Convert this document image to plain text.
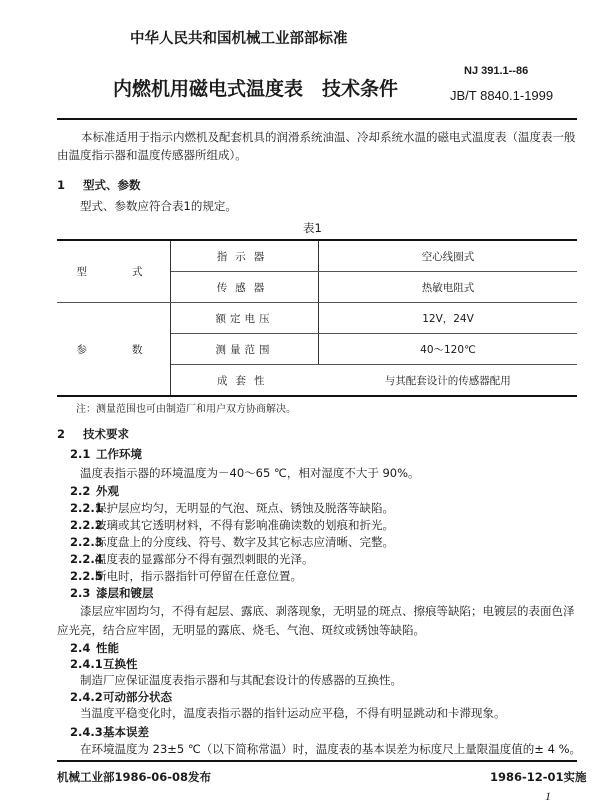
中华人民共和国机械工业部部标准
内燃机用磁电式温度表　技术条件
NJ 391.1--86
JB/T 8840.1-1999
本标准适用于指示内燃机及配套机具的润滑系统油温、冷却系统水温的磁电式温度表（温度表一般由温度指示器和温度传感器所组成）。
1 型式、参数
型式、参数应符合表1的规定。
表1
型　　式	指示器	空心线圈式
	传感器	热敏电阻式
参　　数	额定电压	12V，24V
	测量范围	40～120℃
	成套性	与其配套设计的传感器配用
注：测量范围也可由制造厂和用户双方协商解决。
2 技术要求
2.1 工作环境
温度表指示器的环境温度为－40～65 ℃，相对湿度不大于 90%。
2.2 外观
2.2.1保护层应均匀，无明显的气泡、斑点、锈蚀及脱落等缺陷。
2.2.2玻璃或其它透明材料，不得有影响准确读数的划痕和折光。
2.2.3标度盘上的分度线、符号、数字及其它标志应清晰、完整。
2.2.4温度表的显露部分不得有强烈刺眼的光泽。
2.2.5断电时，指示器指针可停留在任意位置。
2.3 漆层和镀层
漆层应牢固均匀，不得有起层、露底、剥落现象，无明显的斑点、擦痕等缺陷；电镀层的表面色泽
应光亮，结合应牢固，无明显的露底、烧毛、气泡、斑纹或锈蚀等缺陷。
2.4 性能
2.4.1互换性
制造厂应保证温度表指示器和与其配套设计的传感器的互换性。
2.4.2可动部分状态
当温度平稳变化时，温度表指示器的指针运动应平稳，不得有明显跳动和卡滞现象。
2.4.3基本误差
在环境温度为 23±5 ℃（以下简称常温）时，温度表的基本误差为标度尺上量限温度值的± 4 %。
机械工业部1986-06-08发布	1986-12-01实施
1
